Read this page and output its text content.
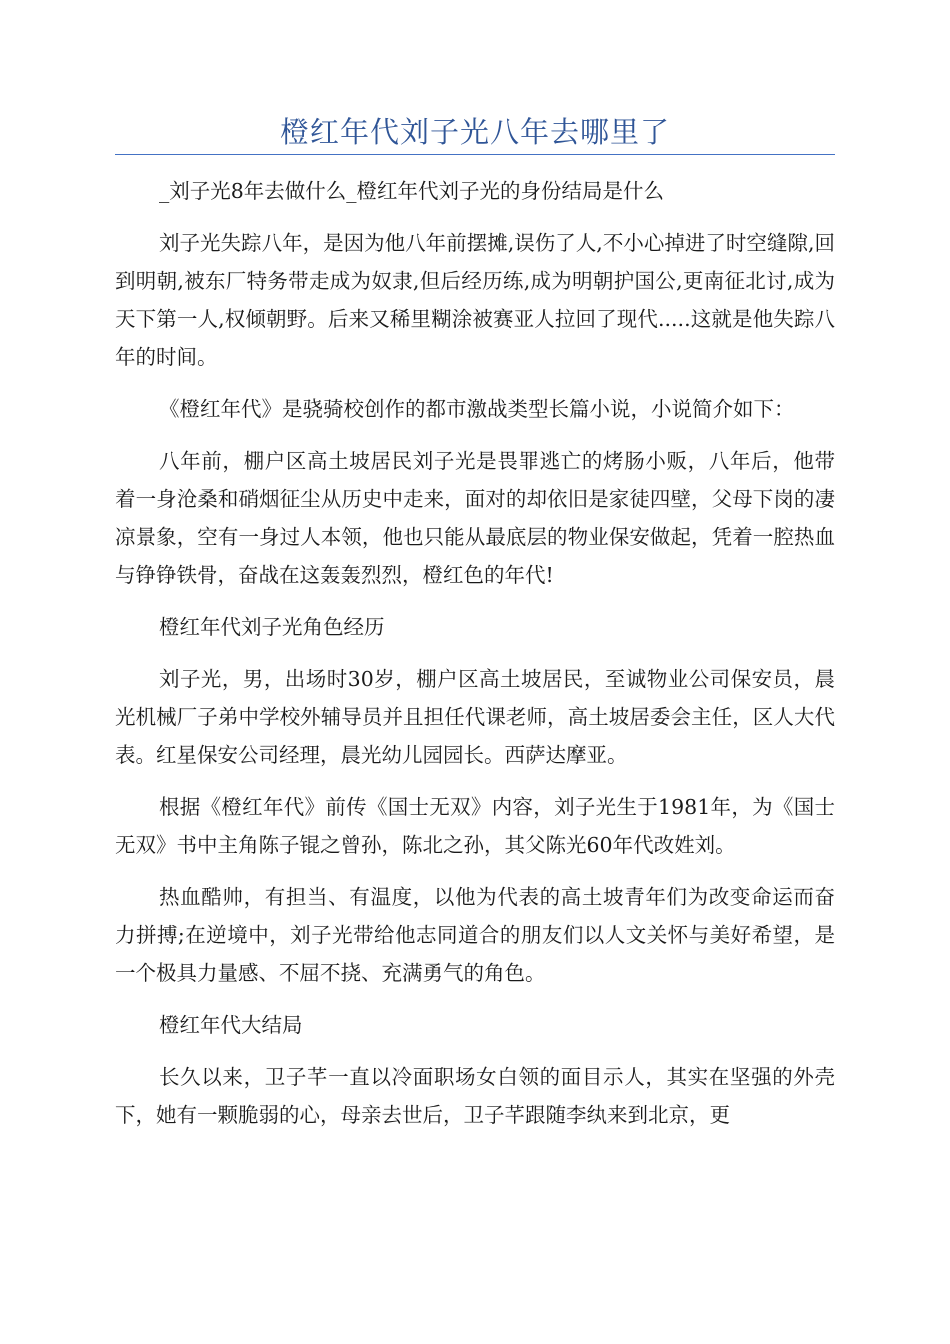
橙红年代刘子光八年去哪里了

_刘子光8年去做什么_橙红年代刘子光的身份结局是什么

刘子光失踪八年，是因为他八年前摆摊,误伤了人,不小心掉进了时空缝隙,回到明朝,被东厂特务带走成为奴隶,但后经历练,成为明朝护国公,更南征北讨,成为天下第一人,权倾朝野。后来又稀里糊涂被赛亚人拉回了现代.....这就是他失踪八年的时间。

《橙红年代》是骁骑校创作的都市激战类型长篇小说，小说简介如下：

八年前，棚户区高土坡居民刘子光是畏罪逃亡的烤肠小贩，八年后，他带着一身沧桑和硝烟征尘从历史中走来，面对的却依旧是家徒四壁，父母下岗的凄凉景象，空有一身过人本领，他也只能从最底层的物业保安做起，凭着一腔热血与铮铮铁骨，奋战在这轰轰烈烈，橙红色的年代!

橙红年代刘子光角色经历

刘子光，男，出场时30岁，棚户区高土坡居民，至诚物业公司保安员，晨光机械厂子弟中学校外辅导员并且担任代课老师，高土坡居委会主任，区人大代表。红星保安公司经理，晨光幼儿园园长。西萨达摩亚。

根据《橙红年代》前传《国士无双》内容，刘子光生于1981年，为《国士无双》书中主角陈子锟之曾孙，陈北之孙，其父陈光60年代改姓刘。

热血酷帅，有担当、有温度，以他为代表的高土坡青年们为改变命运而奋力拼搏;在逆境中，刘子光带给他志同道合的朋友们以人文关怀与美好希望，是一个极具力量感、不屈不挠、充满勇气的角色。

橙红年代大结局

长久以来，卫子芊一直以冷面职场女白领的面目示人，其实在坚强的外壳下，她有一颗脆弱的心，母亲去世后，卫子芊跟随李纨来到北京，更
